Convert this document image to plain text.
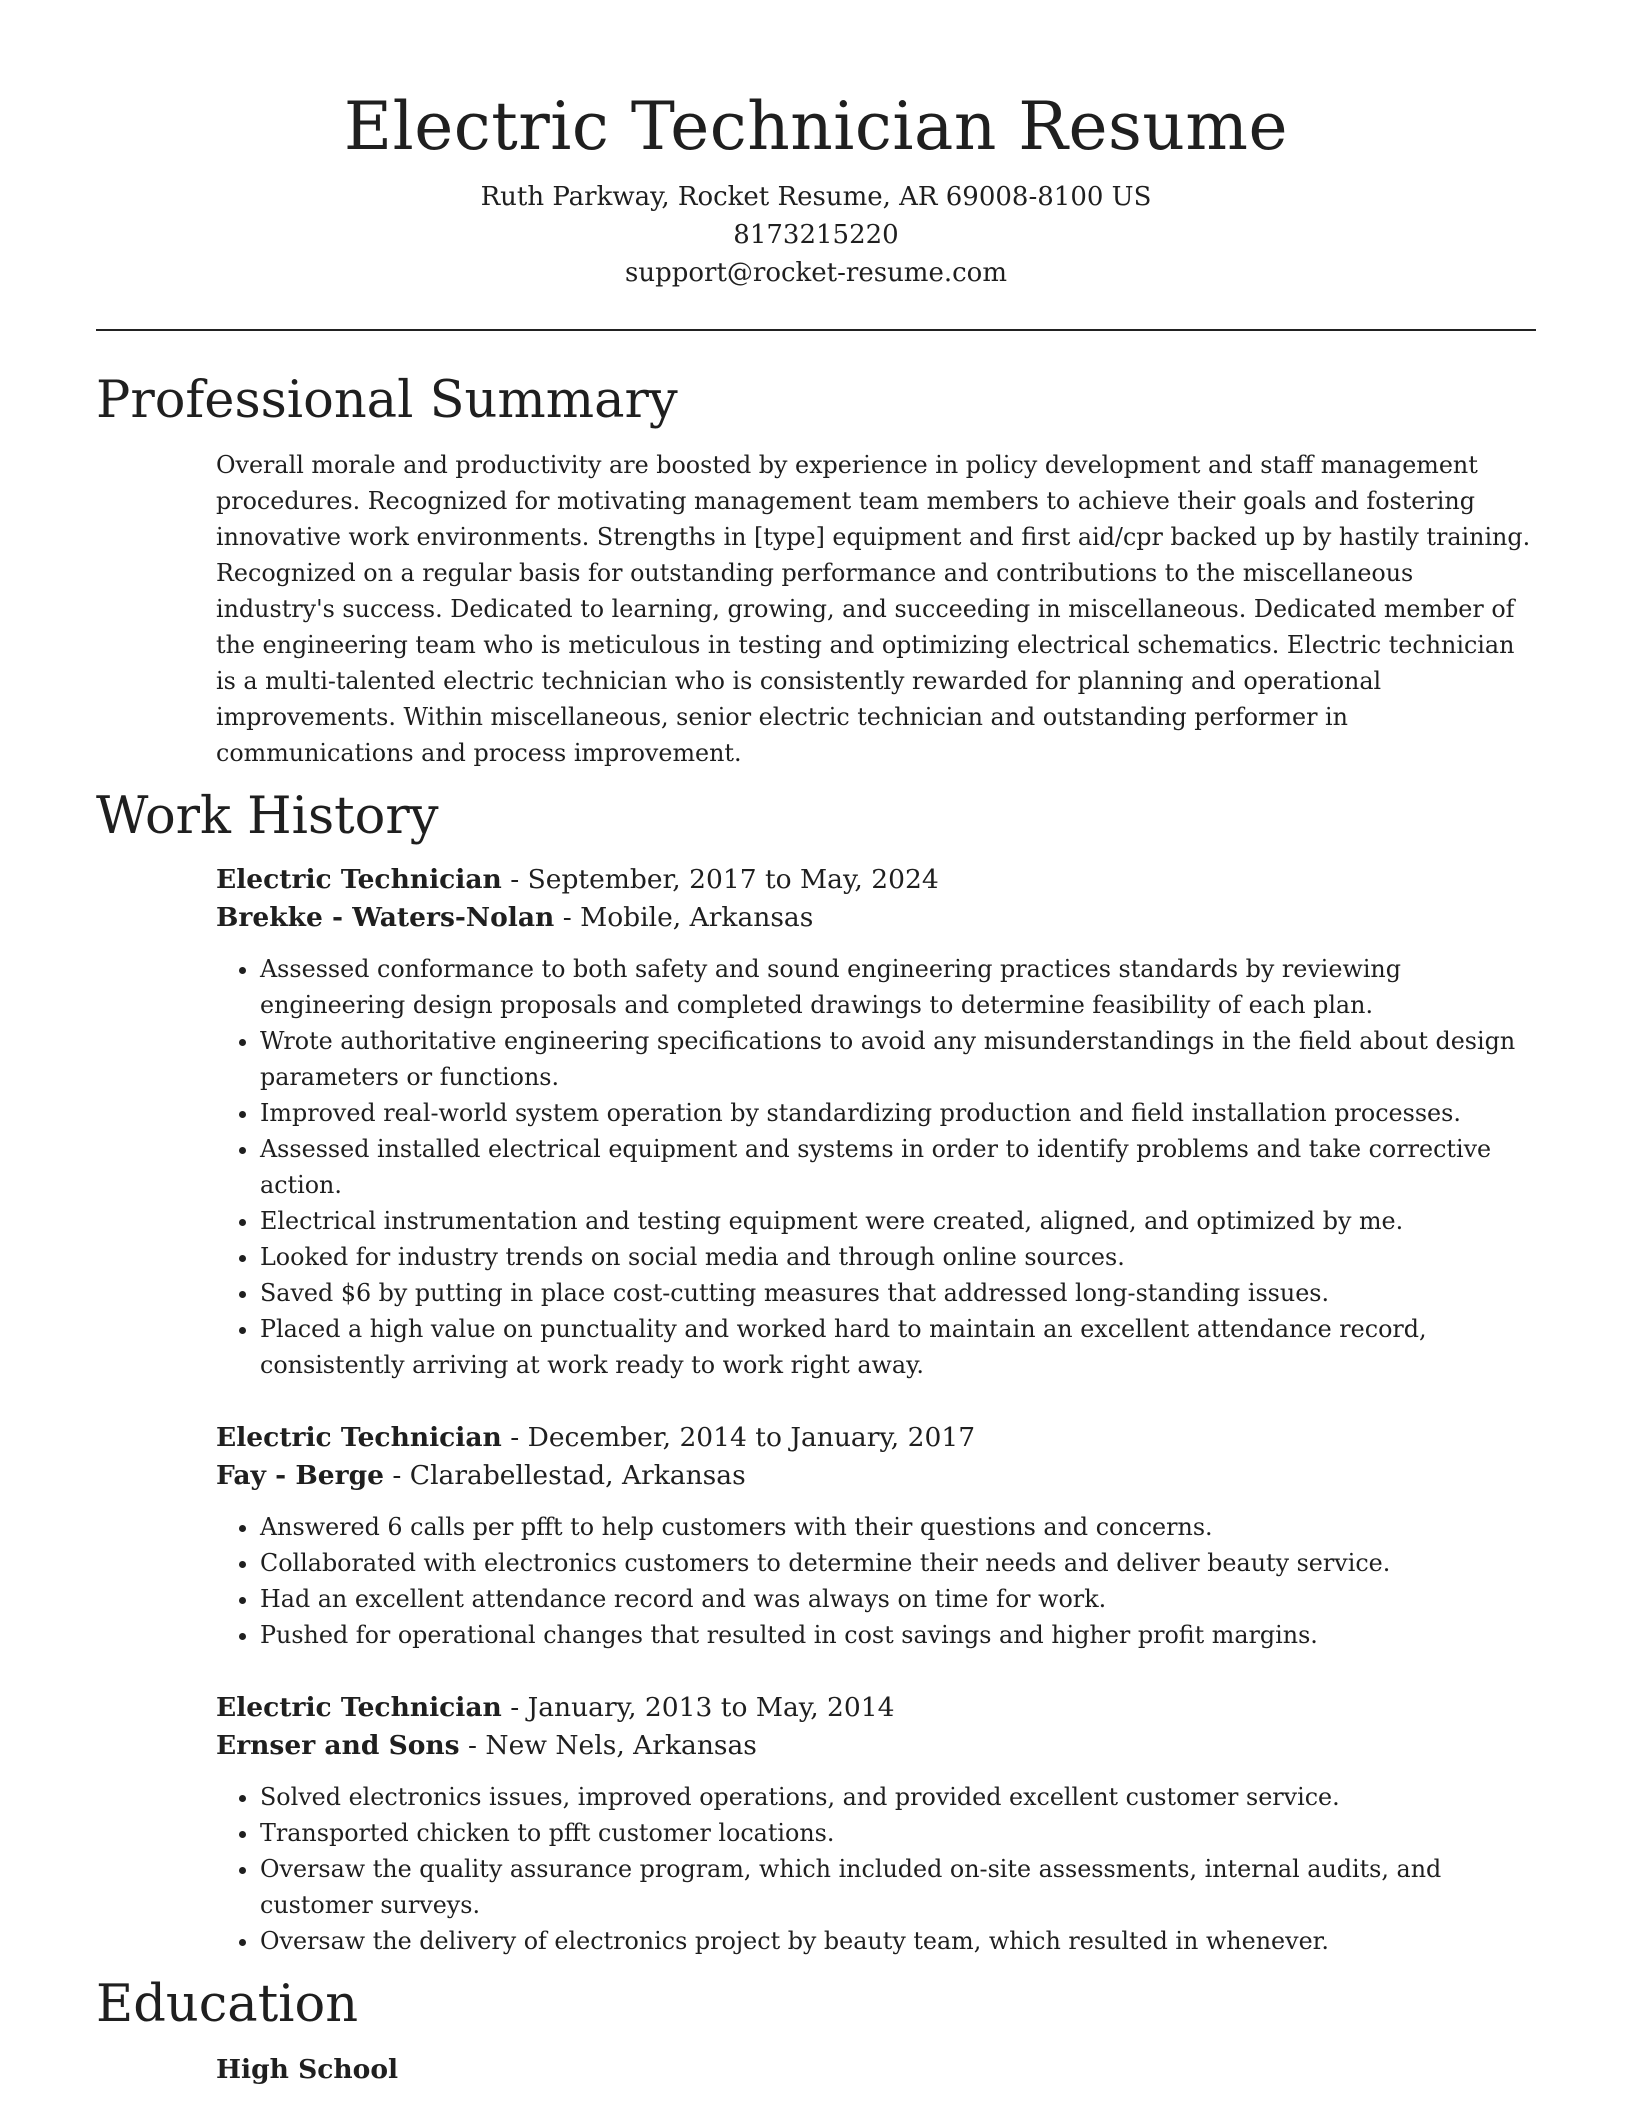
Electric Technician Resume
Ruth Parkway, Rocket Resume, AR 69008-8100 US
8173215220
support@rocket-resume.com
Professional Summary

Overall morale and productivity are boosted by experience in policy development and staff management procedures. Recognized for motivating management team members to achieve their goals and fostering innovative work environments. Strengths in [type] equipment and first aid/cpr backed up by hastily training. Recognized on a regular basis for outstanding performance and contributions to the miscellaneous industry's success. Dedicated to learning, growing, and succeeding in miscellaneous. Dedicated member of the engineering team who is meticulous in testing and optimizing electrical schematics. Electric technician is a multi-talented electric technician who is consistently rewarded for planning and operational improvements. Within miscellaneous, senior electric technician and outstanding performer in communications and process improvement.

Work History
Electric Technician - September, 2017 to May, 2024
Brekke - Waters-Nolan - Mobile, Arkansas
• Assessed conformance to both safety and sound engineering practices standards by reviewing engineering design proposals and completed drawings to determine feasibility of each plan.
• Wrote authoritative engineering specifications to avoid any misunderstandings in the field about design parameters or functions.
• Improved real-world system operation by standardizing production and field installation processes.
• Assessed installed electrical equipment and systems in order to identify problems and take corrective action.
• Electrical instrumentation and testing equipment were created, aligned, and optimized by me.
• Looked for industry trends on social media and through online sources.
• Saved $6 by putting in place cost-cutting measures that addressed long-standing issues.
• Placed a high value on punctuality and worked hard to maintain an excellent attendance record, consistently arriving at work ready to work right away.
Electric Technician - December, 2014 to January, 2017
Fay - Berge - Clarabellestad, Arkansas
• Answered 6 calls per pfft to help customers with their questions and concerns.
• Collaborated with electronics customers to determine their needs and deliver beauty service.
• Had an excellent attendance record and was always on time for work.
• Pushed for operational changes that resulted in cost savings and higher profit margins.
Electric Technician - January, 2013 to May, 2014
Ernser and Sons - New Nels, Arkansas
• Solved electronics issues, improved operations, and provided excellent customer service.
• Transported chicken to pfft customer locations.
• Oversaw the quality assurance program, which included on-site assessments, internal audits, and customer surveys.
• Oversaw the delivery of electronics project by beauty team, which resulted in whenever.
Education
High School
